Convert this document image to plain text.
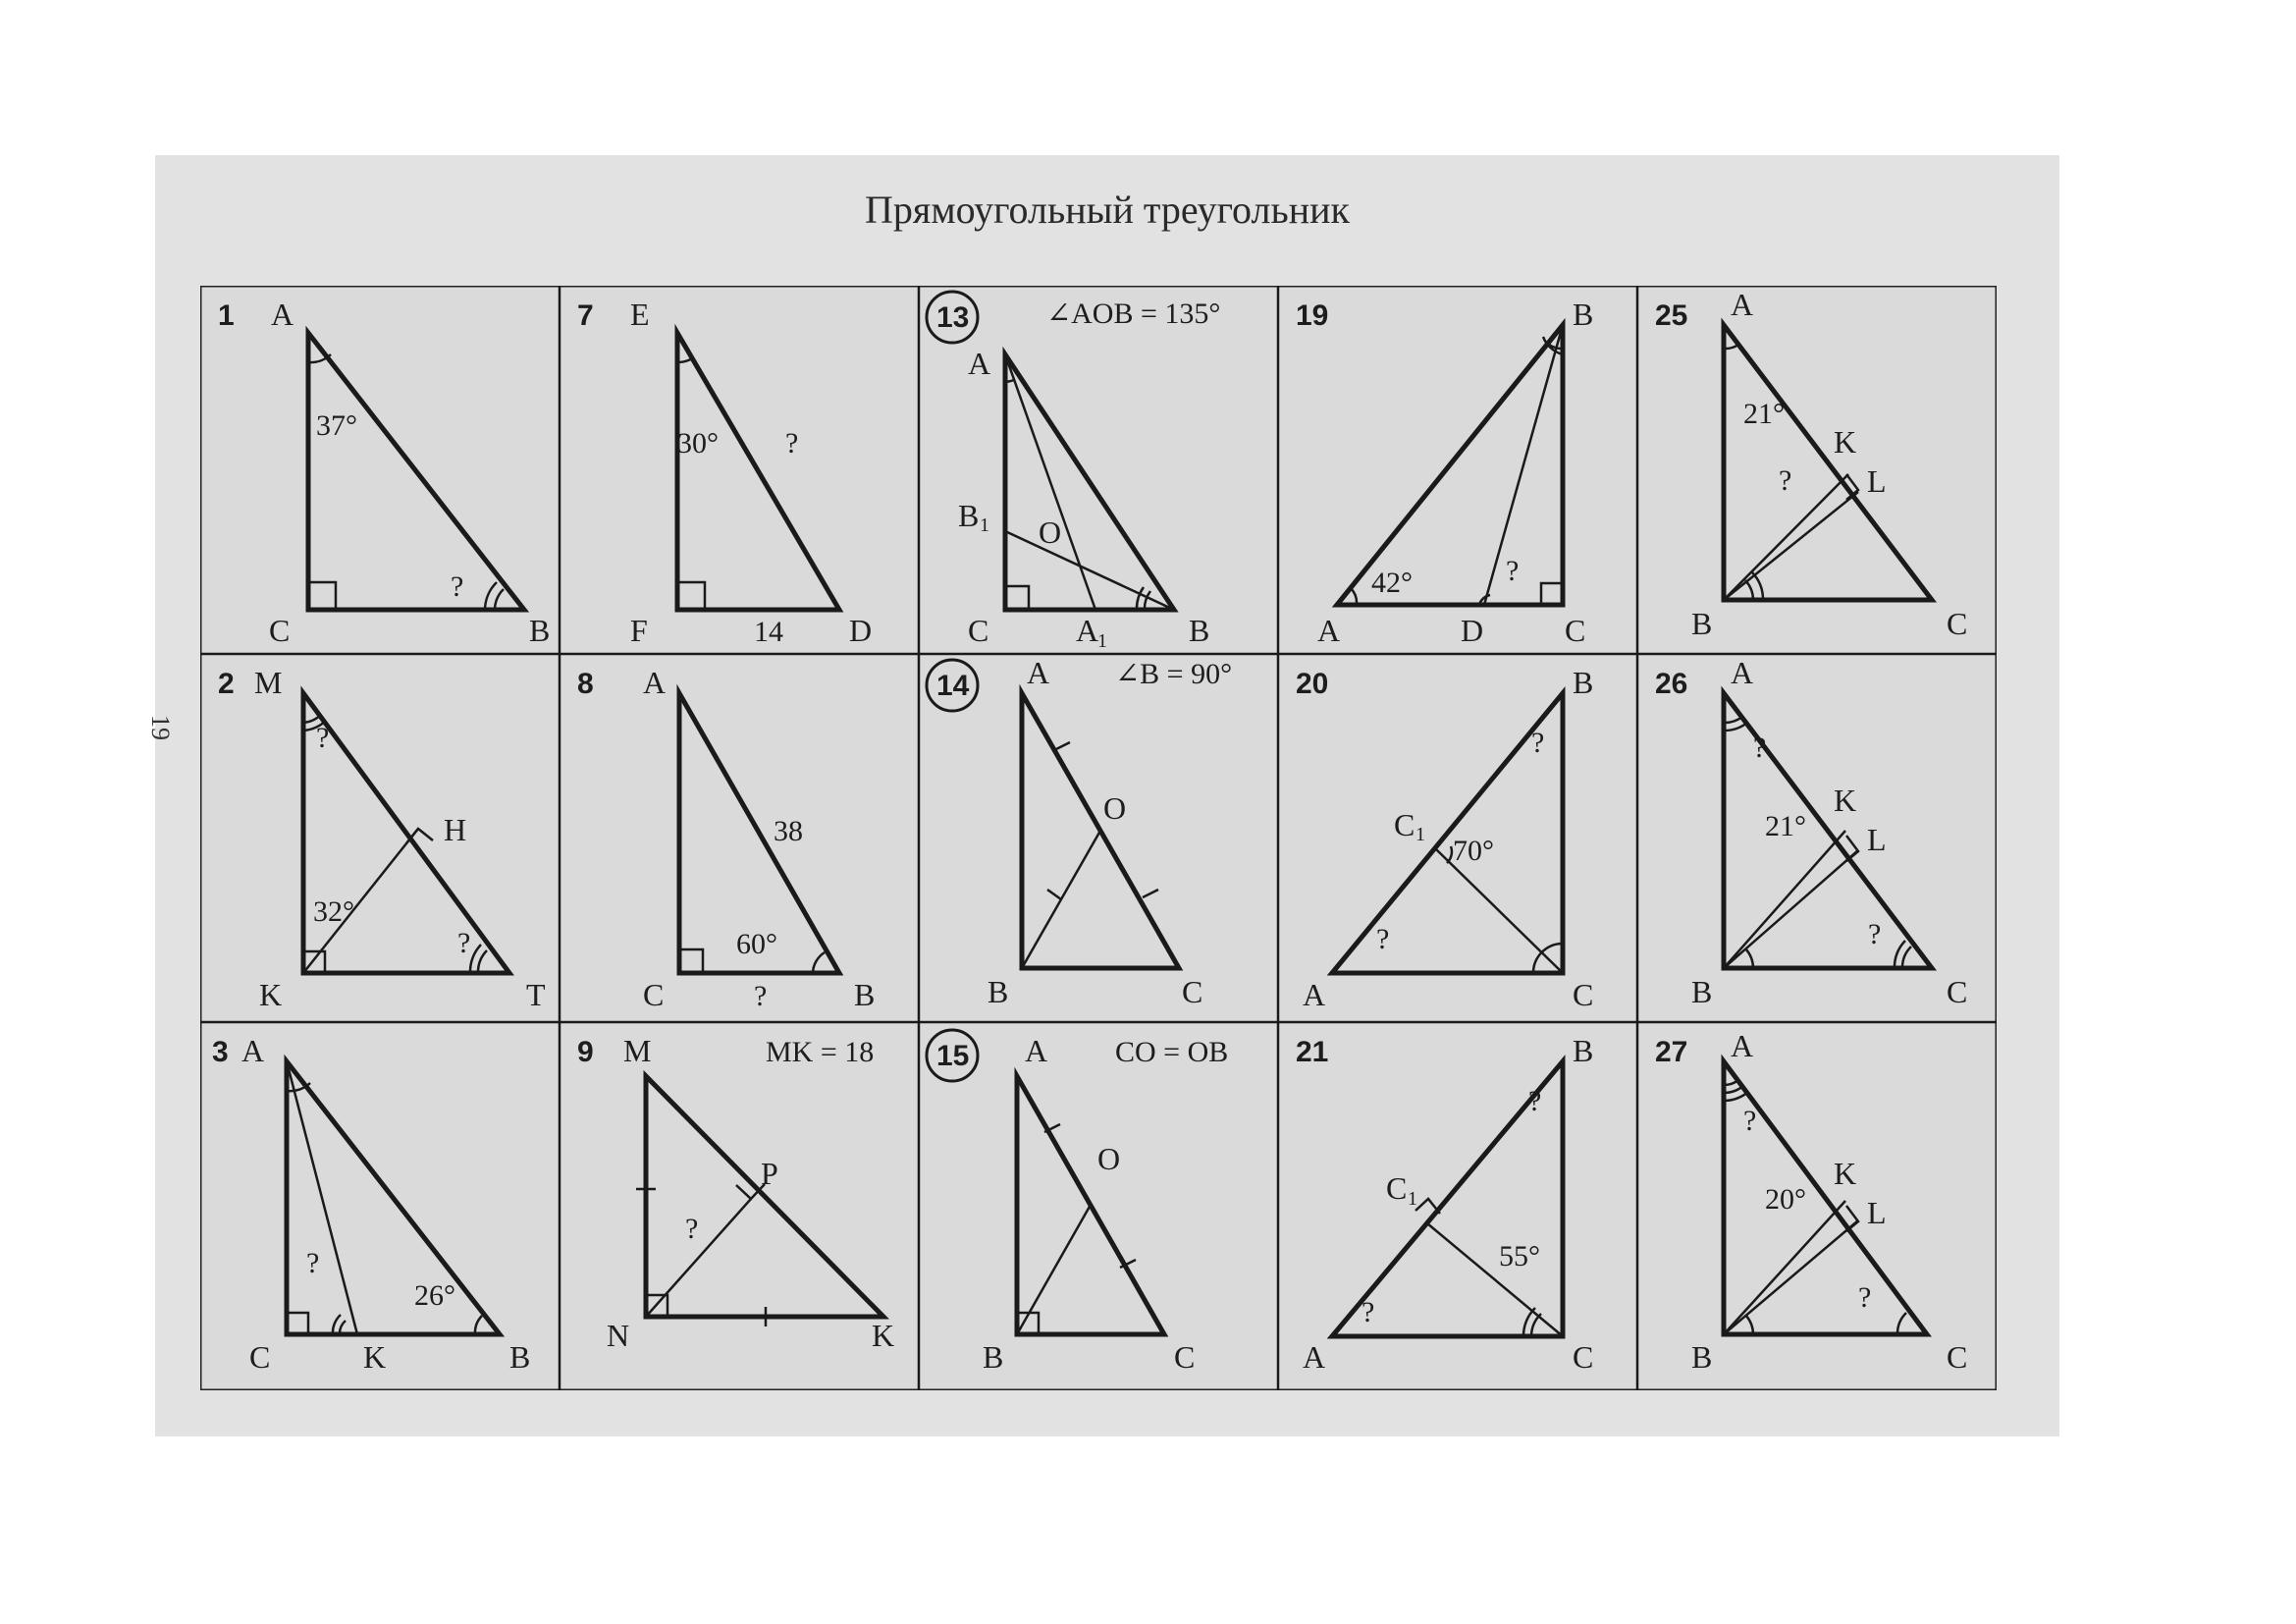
Прямоугольный треугольник
19
1 A
C	B
37°
?
7 E
F	D
30° ?
14
13	∠AOB = 135°
A
B 1 O
C	A
1	B
19	B
A	D	C
42°	?
25 A
21°
K
L
?
B	C
2 M
?
H
32°
?
K	T
8 A
38
60°
?
C	B
14 A ∠B = 90°
O
B	C
20	B
?
C 1 70°
?
A	C
26 A
?
K
21° L
?
B	C
3 A
?
26°
C	K	B
9 M	MK = 18
P
?
N	K
15 A CO = OB
O
B	C
21	B
?
C 1
55°
?
A	C
27 A
?
K
20° L
?
B	C
